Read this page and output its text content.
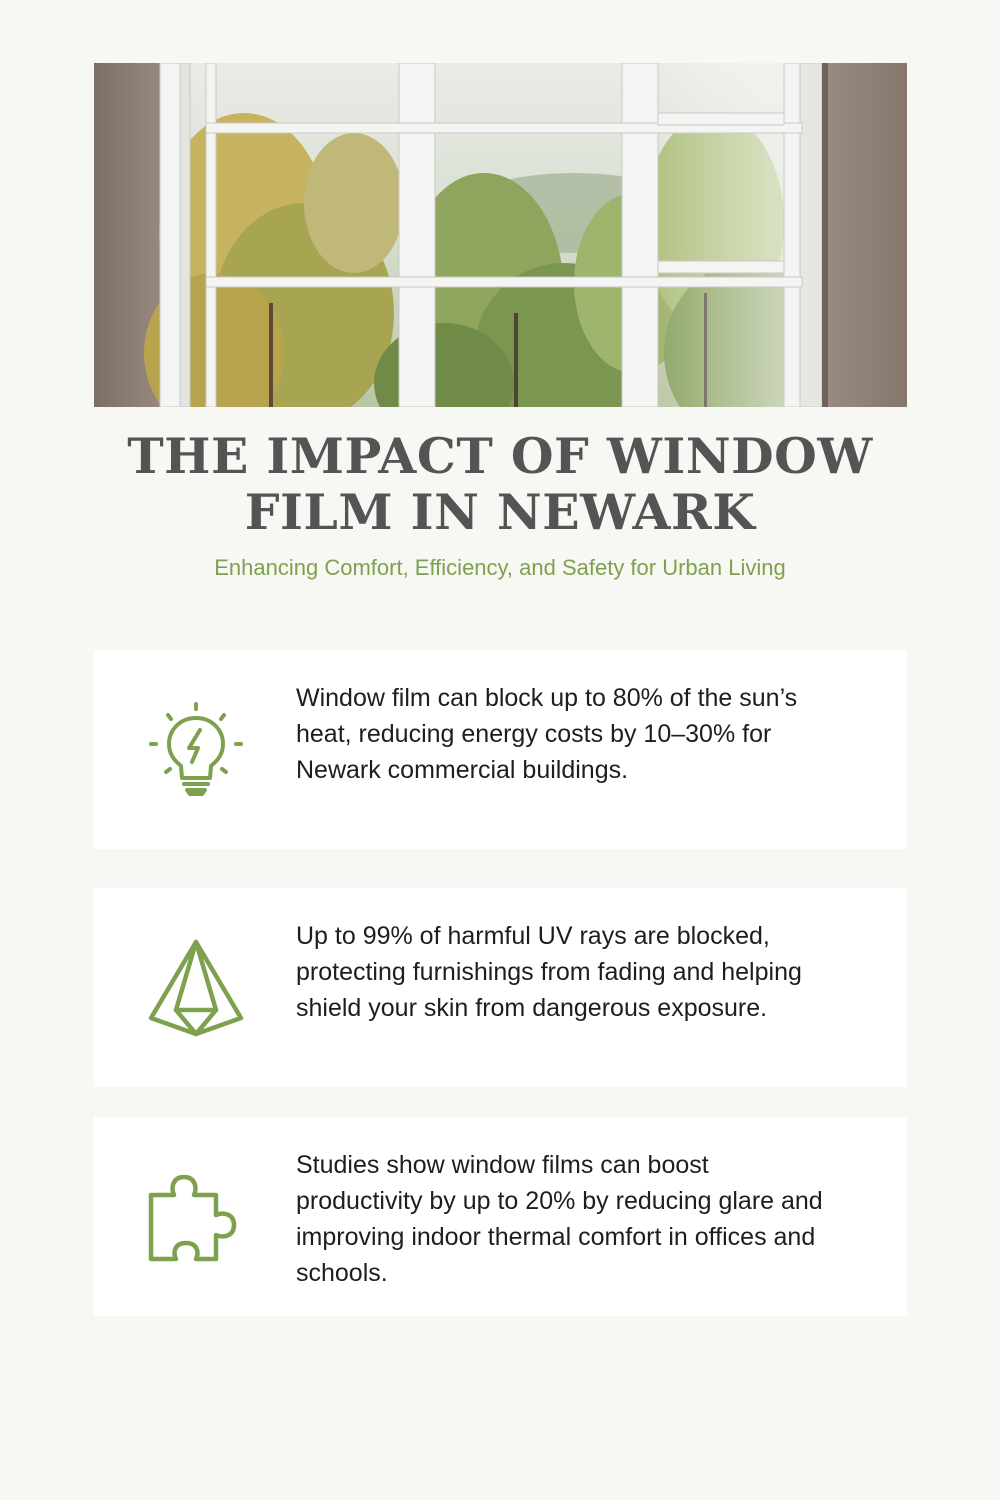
THE IMPACT OF WINDOW
FILM IN NEWARK

Enhancing Comfort, Efficiency, and Safety for Urban Living

Window film can block up to 80% of the sun’s heat, reducing energy costs by 10–30% for Newark commercial buildings.

Up to 99% of harmful UV rays are blocked, protecting furnishings from fading and helping shield your skin from dangerous exposure.

Studies show window films can boost productivity by up to 20% by reducing glare and improving indoor thermal comfort in offices and schools.
